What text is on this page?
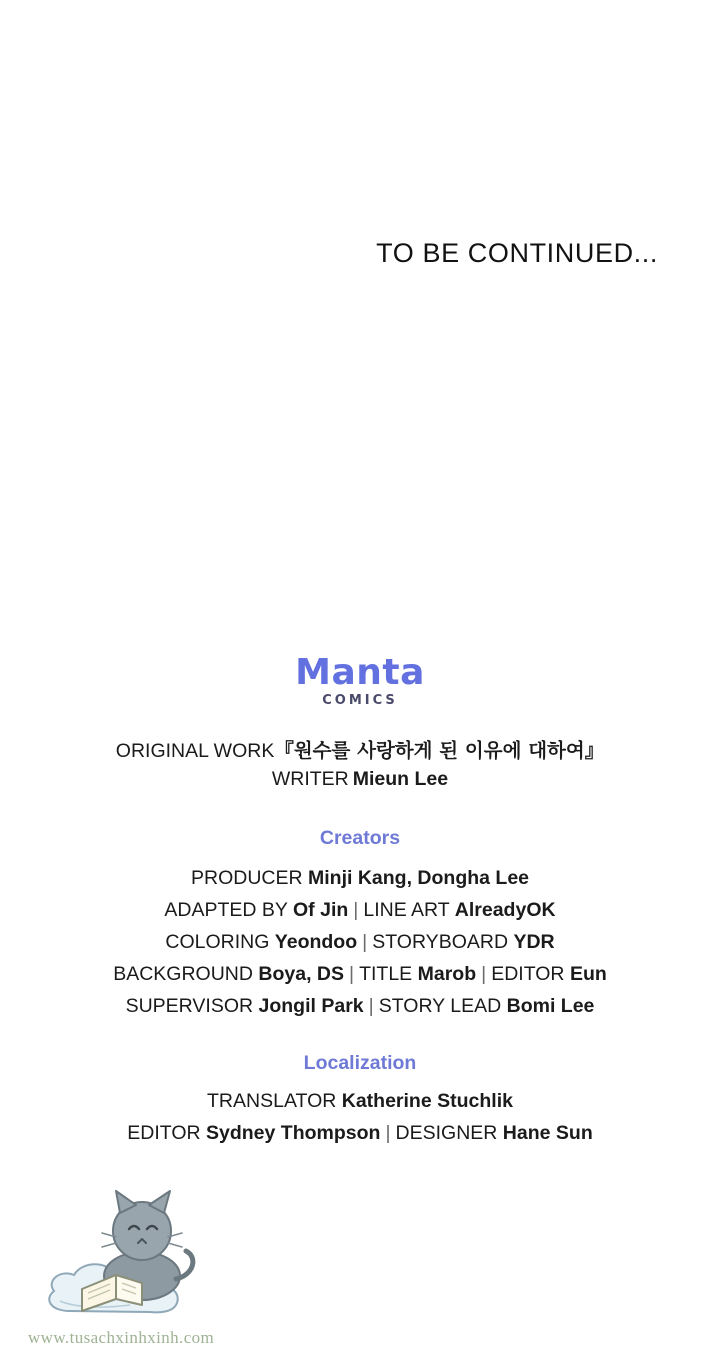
TO BE CONTINUED...
Manta
COMICS
ORIGINAL WORK『원수를 사랑하게 된 이유에 대하여』
WRITER Mieun Lee
Creators
PRODUCER Minji Kang, Dongha Lee
ADAPTED BY Of Jin | LINE ART AlreadyOK
COLORING Yeondoo | STORYBOARD YDR
BACKGROUND Boya, DS | TITLE Marob | EDITOR Eun
SUPERVISOR Jongil Park | STORY LEAD Bomi Lee
Localization
TRANSLATOR Katherine Stuchlik
EDITOR Sydney Thompson | DESIGNER Hane Sun
www.tusachxinhxinh.com
